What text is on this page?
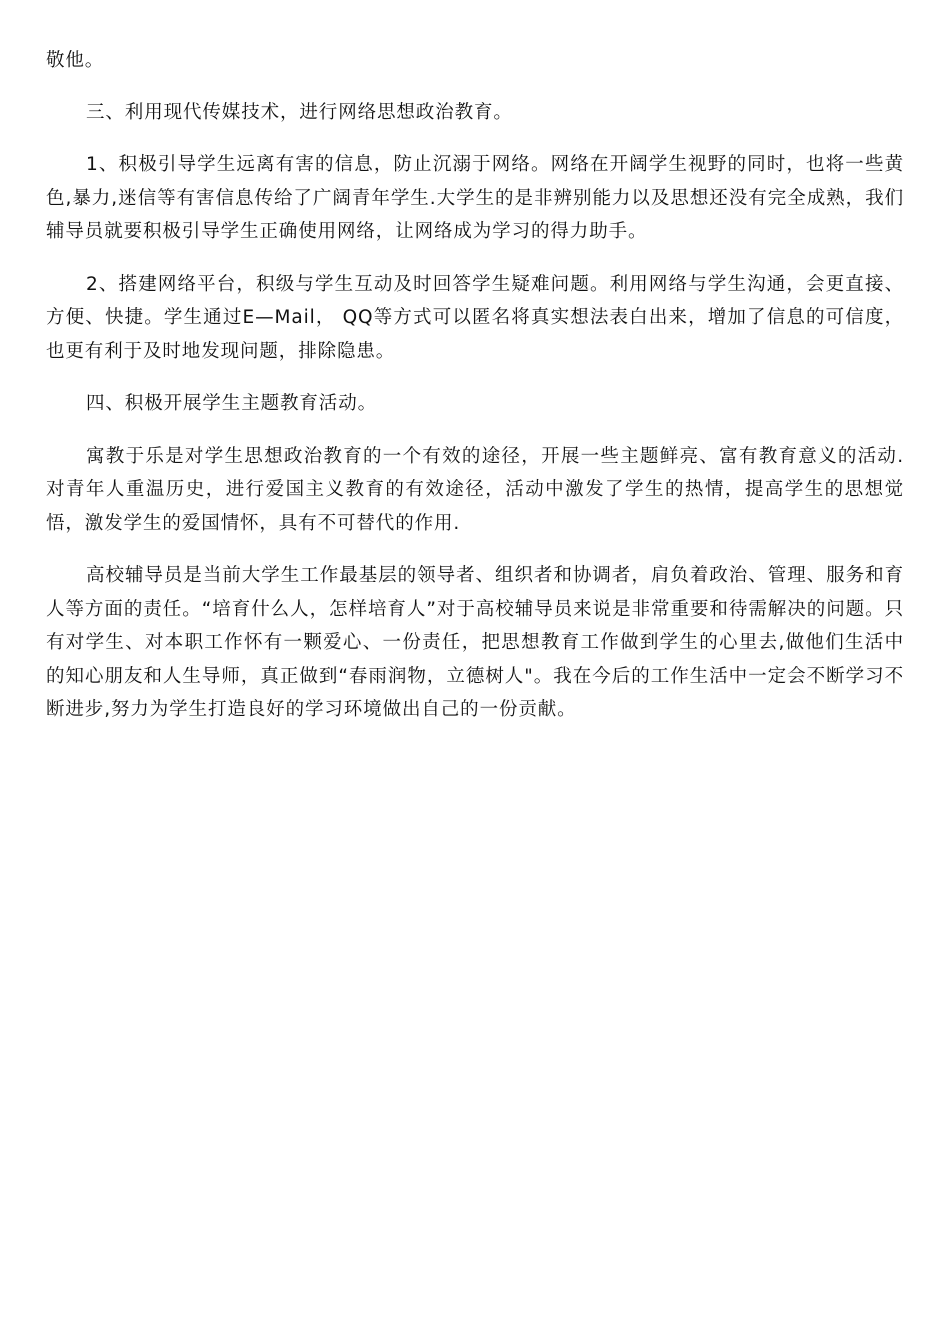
敬他。

三、利用现代传媒技术，进行网络思想政治教育。

1、积极引导学生远离有害的信息，防止沉溺于网络。网络在开阔学生视野的同时，也将一些黄色,暴力,迷信等有害信息传给了广阔青年学生.大学生的是非辨别能力以及思想还没有完全成熟，我们辅导员就要积极引导学生正确使用网络，让网络成为学习的得力助手。

2、搭建网络平台，积级与学生互动及时回答学生疑难问题。利用网络与学生沟通，会更直接、方便、快捷。学生通过E—Mail， QQ等方式可以匿名将真实想法表白出来，增加了信息的可信度，也更有利于及时地发现问题，排除隐患。

四、积极开展学生主题教育活动。

寓教于乐是对学生思想政治教育的一个有效的途径，开展一些主题鲜亮、富有教育意义的活动.对青年人重温历史，进行爱国主义教育的有效途径，活动中激发了学生的热情，提高学生的思想觉悟，激发学生的爱国情怀，具有不可替代的作用.

高校辅导员是当前大学生工作最基层的领导者、组织者和协调者，肩负着政治、管理、服务和育人等方面的责任。“培育什么人，怎样培育人”对于高校辅导员来说是非常重要和待需解决的问题。只有对学生、对本职工作怀有一颗爱心、一份责任，把思想教育工作做到学生的心里去,做他们生活中的知心朋友和人生导师，真正做到“春雨润物，立德树人"。我在今后的工作生活中一定会不断学习不断进步,努力为学生打造良好的学习环境做出自己的一份贡献。
